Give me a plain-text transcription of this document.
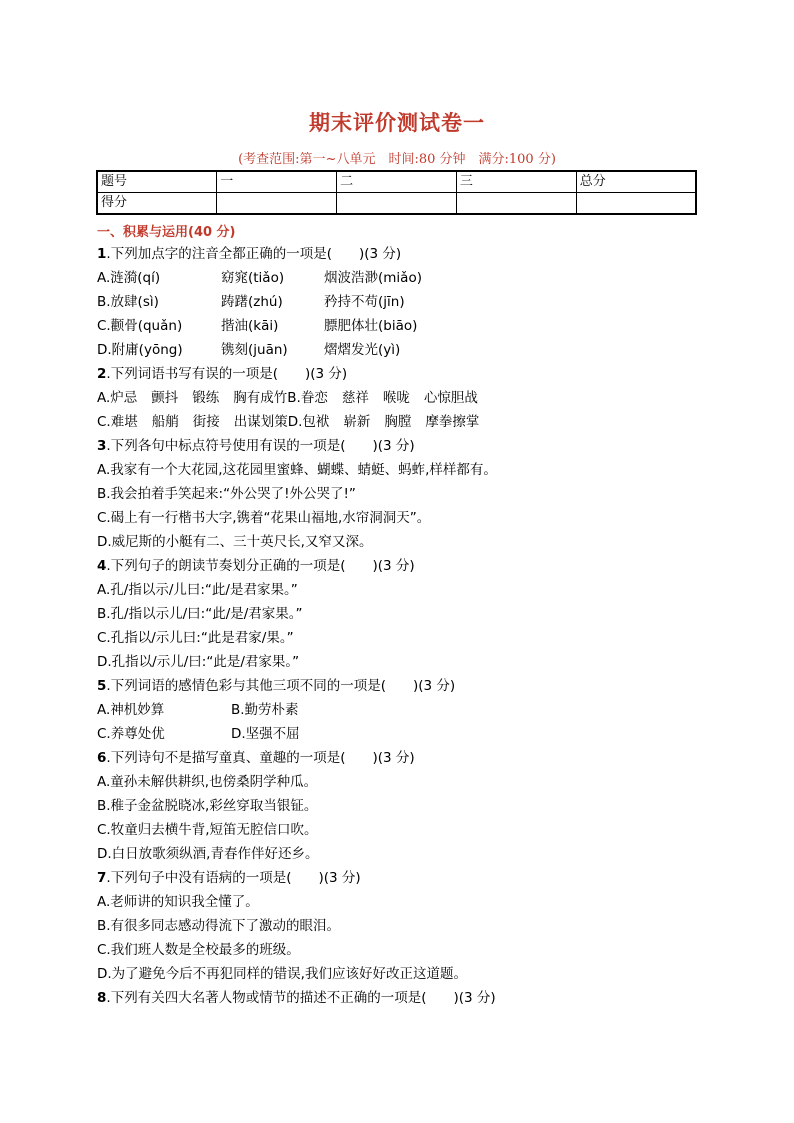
期末评价测试卷一
(考查范围:第一~八单元　时间:80 分钟　满分:100 分)
题号	一	二	三	总分
得分				
一、积累与运用(40 分)
1.下列加点字的注音全都正确的一项是(　　)(3 分)
A.涟漪(qí)	窈窕(tiǎo)	烟波浩渺(miǎo)
B.放肆(sì)	踌躇(zhú)	矜持不苟(jīn)
C.颧骨(quǎn)	揩油(kāi)	膘肥体壮(biāo)
D.附庸(yōng)	镌刻(juān)	熠熠发光(yì)
2.下列词语书写有误的一项是(　　)(3 分)
A.炉忌 颤抖 锻练 胸有成竹B.眷恋 慈祥 喉咙 心惊胆战
C.难堪 船艄 街接 出谋划策D.包袱 崭新 胸膛 摩拳擦掌
3.下列各句中标点符号使用有误的一项是(　　)(3 分)
A.我家有一个大花园,这花园里蜜蜂、蝴蝶、蜻蜓、蚂蚱,样样都有。
B.我会拍着手笑起来:“外公哭了!外公哭了!”
C.碣上有一行楷书大字,镌着“花果山福地,水帘洞洞天”。
D.威尼斯的小艇有二、三十英尺长,又窄又深。
4.下列句子的朗读节奏划分正确的一项是(　　)(3 分)
A.孔/指以示/儿曰:“此/是君家果。”
B.孔/指以示儿/曰:“此/是/君家果。”
C.孔指以/示儿曰:“此是君家/果。”
D.孔指以/示儿/曰:“此是/君家果。”
5.下列词语的感情色彩与其他三项不同的一项是(　　)(3 分)
A.神机妙算	B.勤劳朴素
C.养尊处优	D.坚强不屈
6.下列诗句不是描写童真、童趣的一项是(　　)(3 分)
A.童孙未解供耕织,也傍桑阴学种瓜。
B.稚子金盆脱晓冰,彩丝穿取当银钲。
C.牧童归去横牛背,短笛无腔信口吹。
D.白日放歌须纵酒,青春作伴好还乡。
7.下列句子中没有语病的一项是(　　)(3 分)
A.老师讲的知识我全懂了。
B.有很多同志感动得流下了激动的眼泪。
C.我们班人数是全校最多的班级。
D.为了避免今后不再犯同样的错误,我们应该好好改正这道题。
8.下列有关四大名著人物或情节的描述不正确的一项是(　　)(3 分)
